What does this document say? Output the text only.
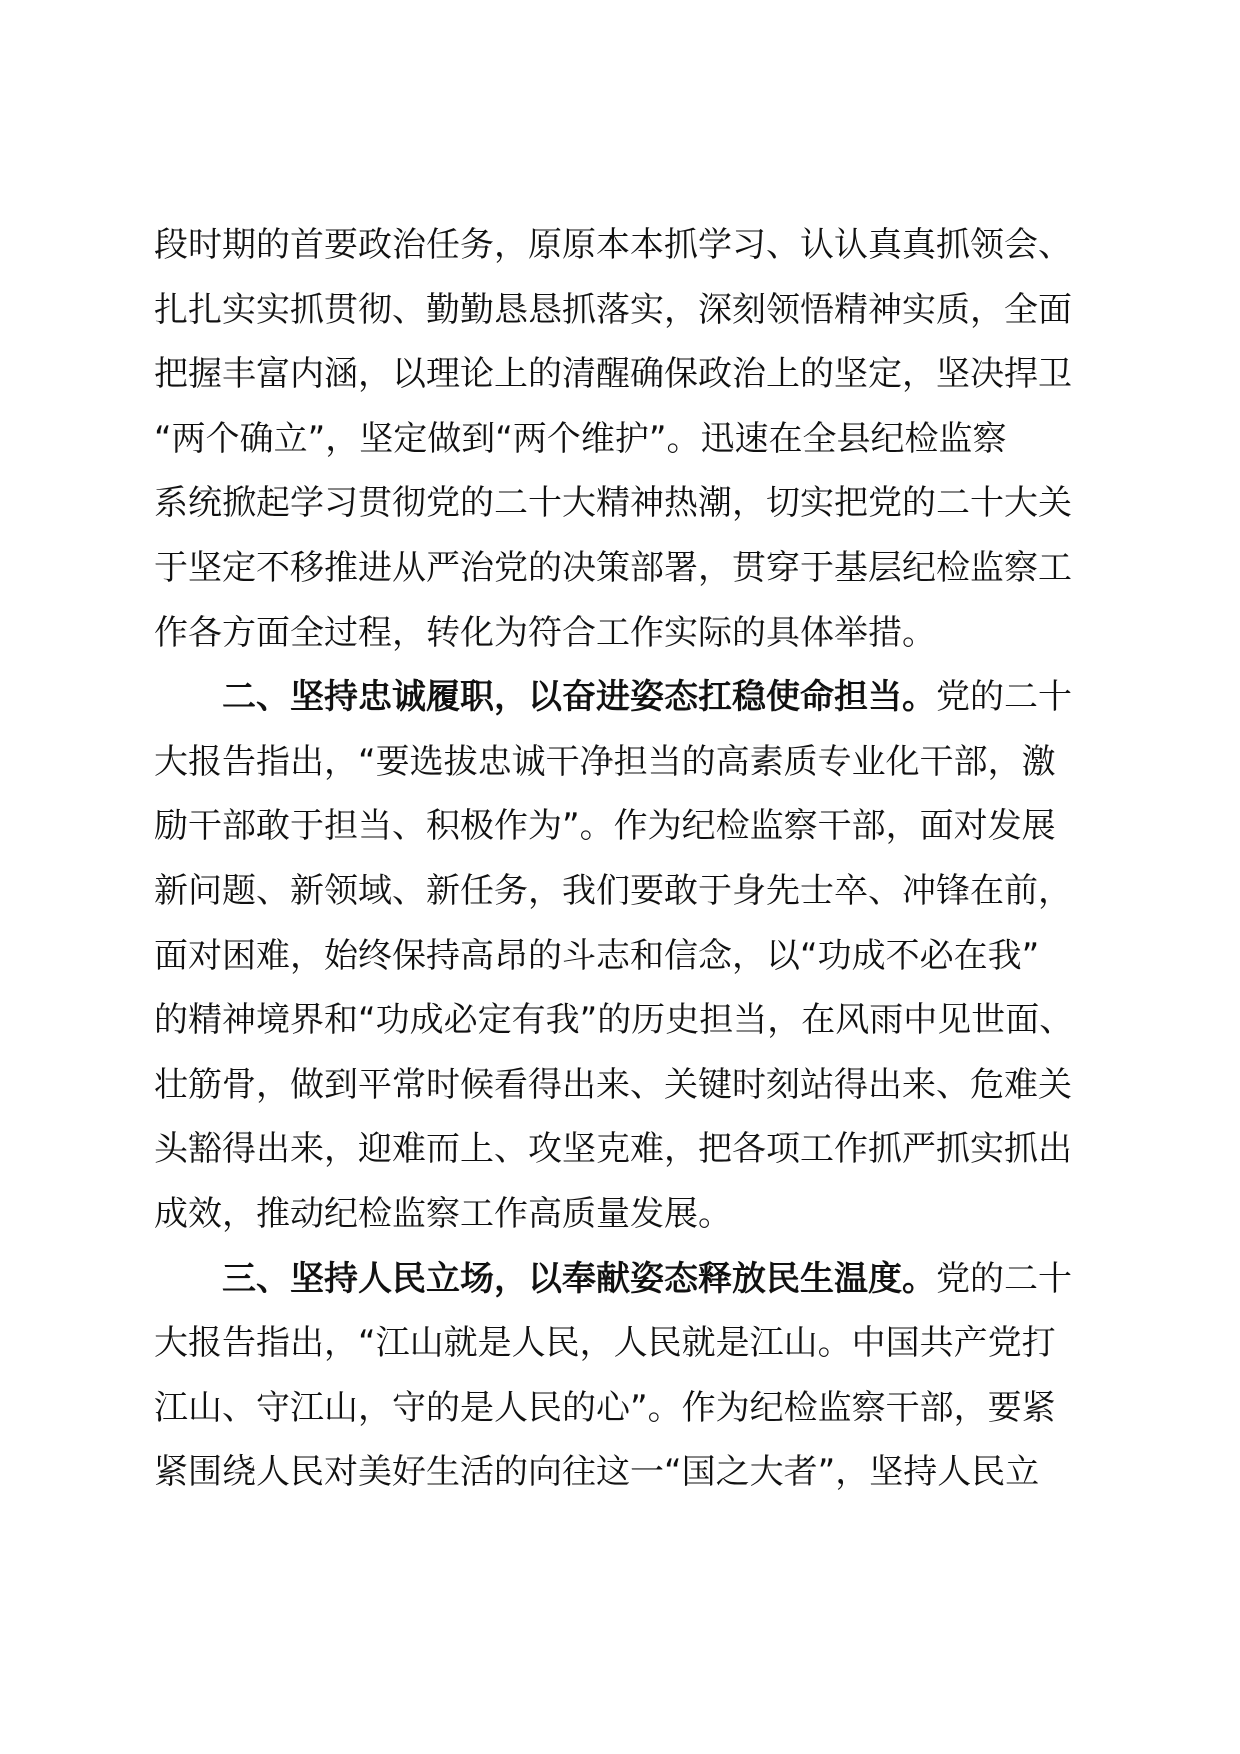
段时期的首要政治任务，原原本本抓学习、认认真真抓领会、
扎扎实实抓贯彻、勤勤恳恳抓落实，深刻领悟精神实质，全面
把握丰富内涵，以理论上的清醒确保政治上的坚定，坚决捍卫
“两个确立”，坚定做到“两个维护”。迅速在全县纪检监察
系统掀起学习贯彻党的二十大精神热潮，切实把党的二十大关
于坚定不移推进从严治党的决策部署，贯穿于基层纪检监察工
作各方面全过程，转化为符合工作实际的具体举措。
二、坚持忠诚履职，以奋进姿态扛稳使命担当。党的二十
大报告指出，“要选拔忠诚干净担当的高素质专业化干部，激
励干部敢于担当、积极作为”。作为纪检监察干部，面对发展
新问题、新领域、新任务，我们要敢于身先士卒、冲锋在前，
面对困难，始终保持高昂的斗志和信念，以“功成不必在我”
的精神境界和“功成必定有我”的历史担当，在风雨中见世面、
壮筋骨，做到平常时候看得出来、关键时刻站得出来、危难关
头豁得出来，迎难而上、攻坚克难，把各项工作抓严抓实抓出
成效，推动纪检监察工作高质量发展。
三、坚持人民立场，以奉献姿态释放民生温度。党的二十
大报告指出，“江山就是人民，人民就是江山。中国共产党打
江山、守江山，守的是人民的心”。作为纪检监察干部，要紧
紧围绕人民对美好生活的向往这一“国之大者”，坚持人民立
